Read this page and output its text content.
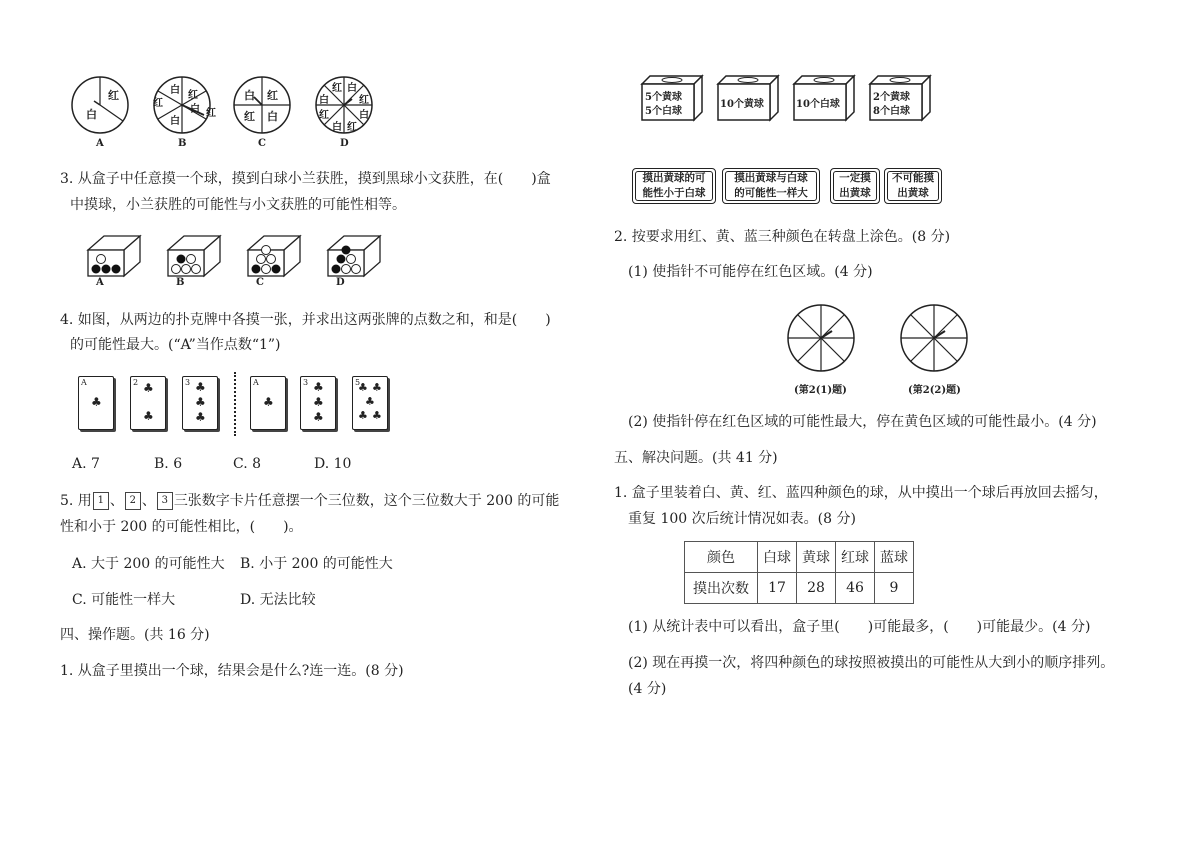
红
白
A
白 红
红
白 红
白
B
白 红
红 白
C
红 白
白	红
红	白
白 红
D
3. 从盒子中任意摸一个球，摸到白球小兰获胜，摸到黑球小文获胜，在(　　)盒
中摸球，小兰获胜的可能性与小文获胜的可能性相等。
A	B	C	D
4. 如图，从两边的扑克牌中各摸一张，并求出这两张牌的点数之和，和是(　　)
的可能性最大。(“A”当作点数“1”)
A
♣
2 ♣
♣
3 ♣
♣
♣
A
♣
3 ♣
♣
♣
5
♣ ♣
♣
♣ ♣
A. 7	B. 6	C. 8	D. 10
5. 用 1 、 2 、 3 三张数字卡片任意摆一个三位数，这个三位数大于 200 的可能
性和小于 200 的可能性相比，(　　)。
A. 大于 200 的可能性大 B. 小于 200 的可能性大
C. 可能性一样大	D. 无法比较
四、操作题。(共 16 分)
1. 从盒子里摸出一个球，结果会是什么?连一连。(8 分)
5个黄球
5个白球
10个黄球	10个白球
2个黄球
8个白球
摸出黄球的可
能性小于白球
摸出黄球与白球
的可能性一样大
一定摸
出黄球
不可能摸
出黄球
2. 按要求用红、黄、蓝三种颜色在转盘上涂色。(8 分)
(1) 使指针不可能停在红色区域。(4 分)
(第2(1)题)	(第2(2)题)
(2) 使指针停在红色区域的可能性最大，停在黄色区域的可能性最小。(4 分)
五、解决问题。(共 41 分)
1. 盒子里装着白、黄、红、蓝四种颜色的球，从中摸出一个球后再放回去摇匀，
重复 100 次后统计情况如表。(8 分)
颜色	白球	黄球	红球	蓝球
摸出次数	17	28	46	9
(1) 从统计表中可以看出，盒子里(　　)可能最多，(　　)可能最少。(4 分)
(2) 现在再摸一次，将四种颜色的球按照被摸出的可能性从大到小的顺序排列。
(4 分)
